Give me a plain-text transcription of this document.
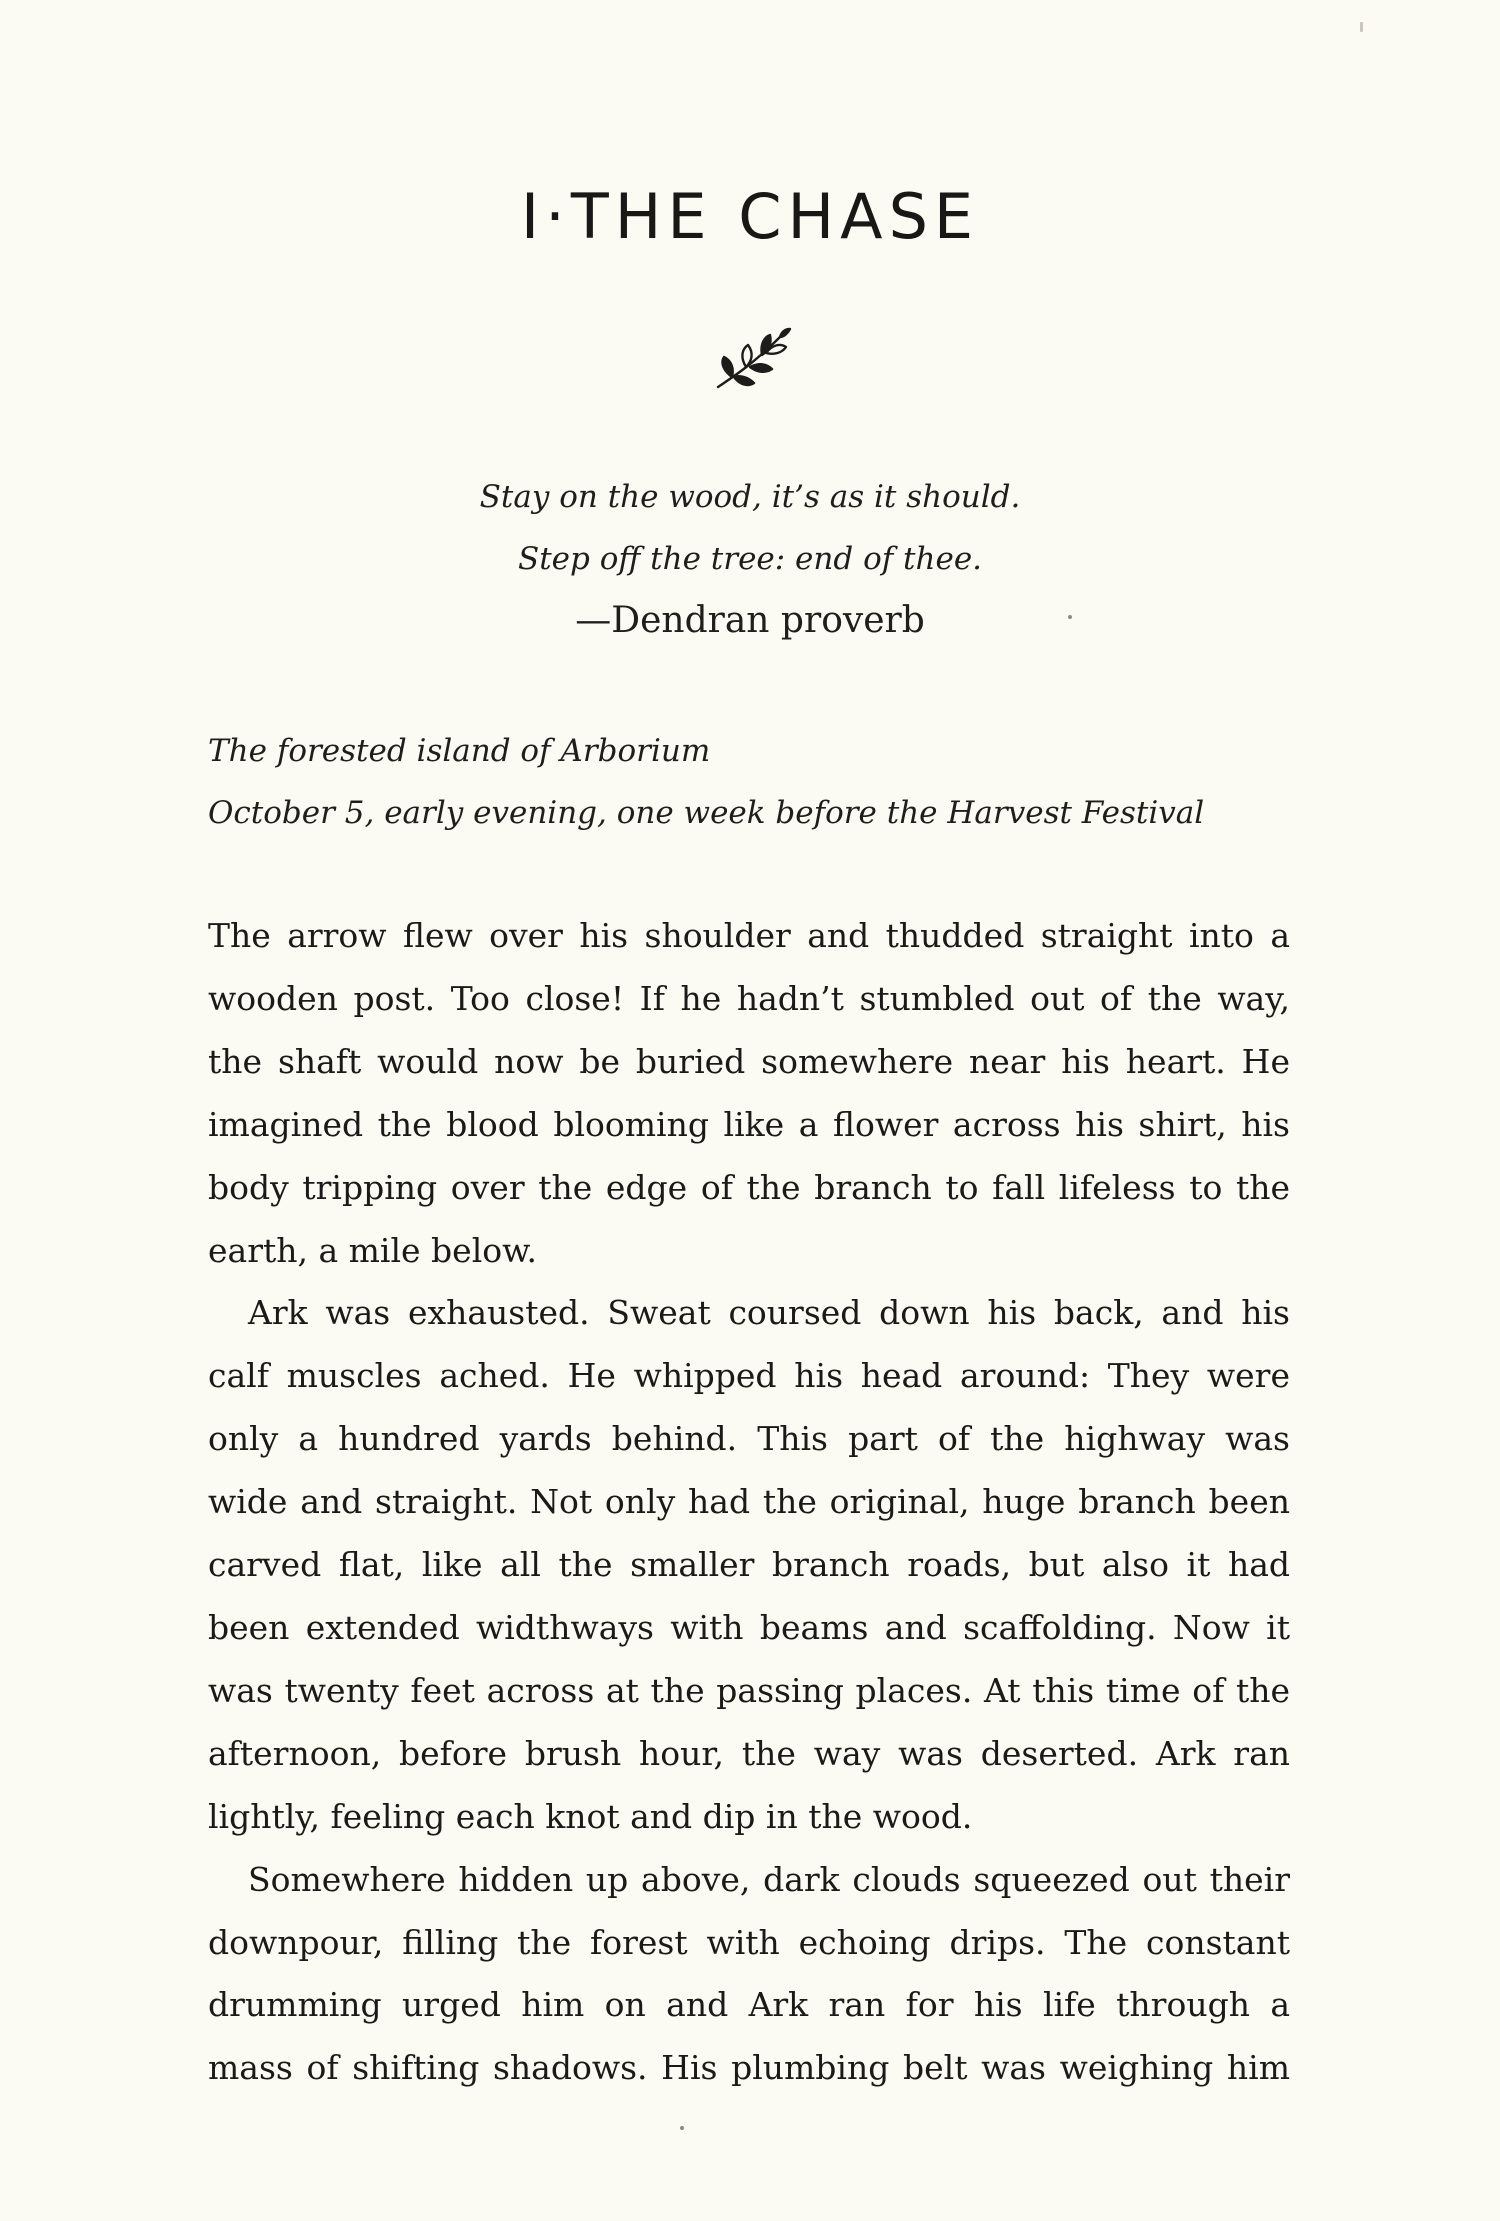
I·THE CHASE
Stay on the wood, it’s as it should.
Step off the tree: end of thee.
—Dendran proverb
The forested island of Arborium
October 5, early evening, one week before the Harvest Festival
The arrow flew over his shoulder and thudded straight into a
wooden post. Too close! If he hadn’t stumbled out of the way,
the shaft would now be buried somewhere near his heart. He
imagined the blood blooming like a flower across his shirt, his
body tripping over the edge of the branch to fall lifeless to the
earth, a mile below.
Ark was exhausted. Sweat coursed down his back, and his
calf muscles ached. He whipped his head around: They were
only a hundred yards behind. This part of the highway was
wide and straight. Not only had the original, huge branch been
carved flat, like all the smaller branch roads, but also it had
been extended widthways with beams and scaffolding. Now it
was twenty feet across at the passing places. At this time of the
afternoon, before brush hour, the way was deserted. Ark ran
lightly, feeling each knot and dip in the wood.
Somewhere hidden up above, dark clouds squeezed out their
downpour, filling the forest with echoing drips. The constant
drumming urged him on and Ark ran for his life through a
mass of shifting shadows. His plumbing belt was weighing him
